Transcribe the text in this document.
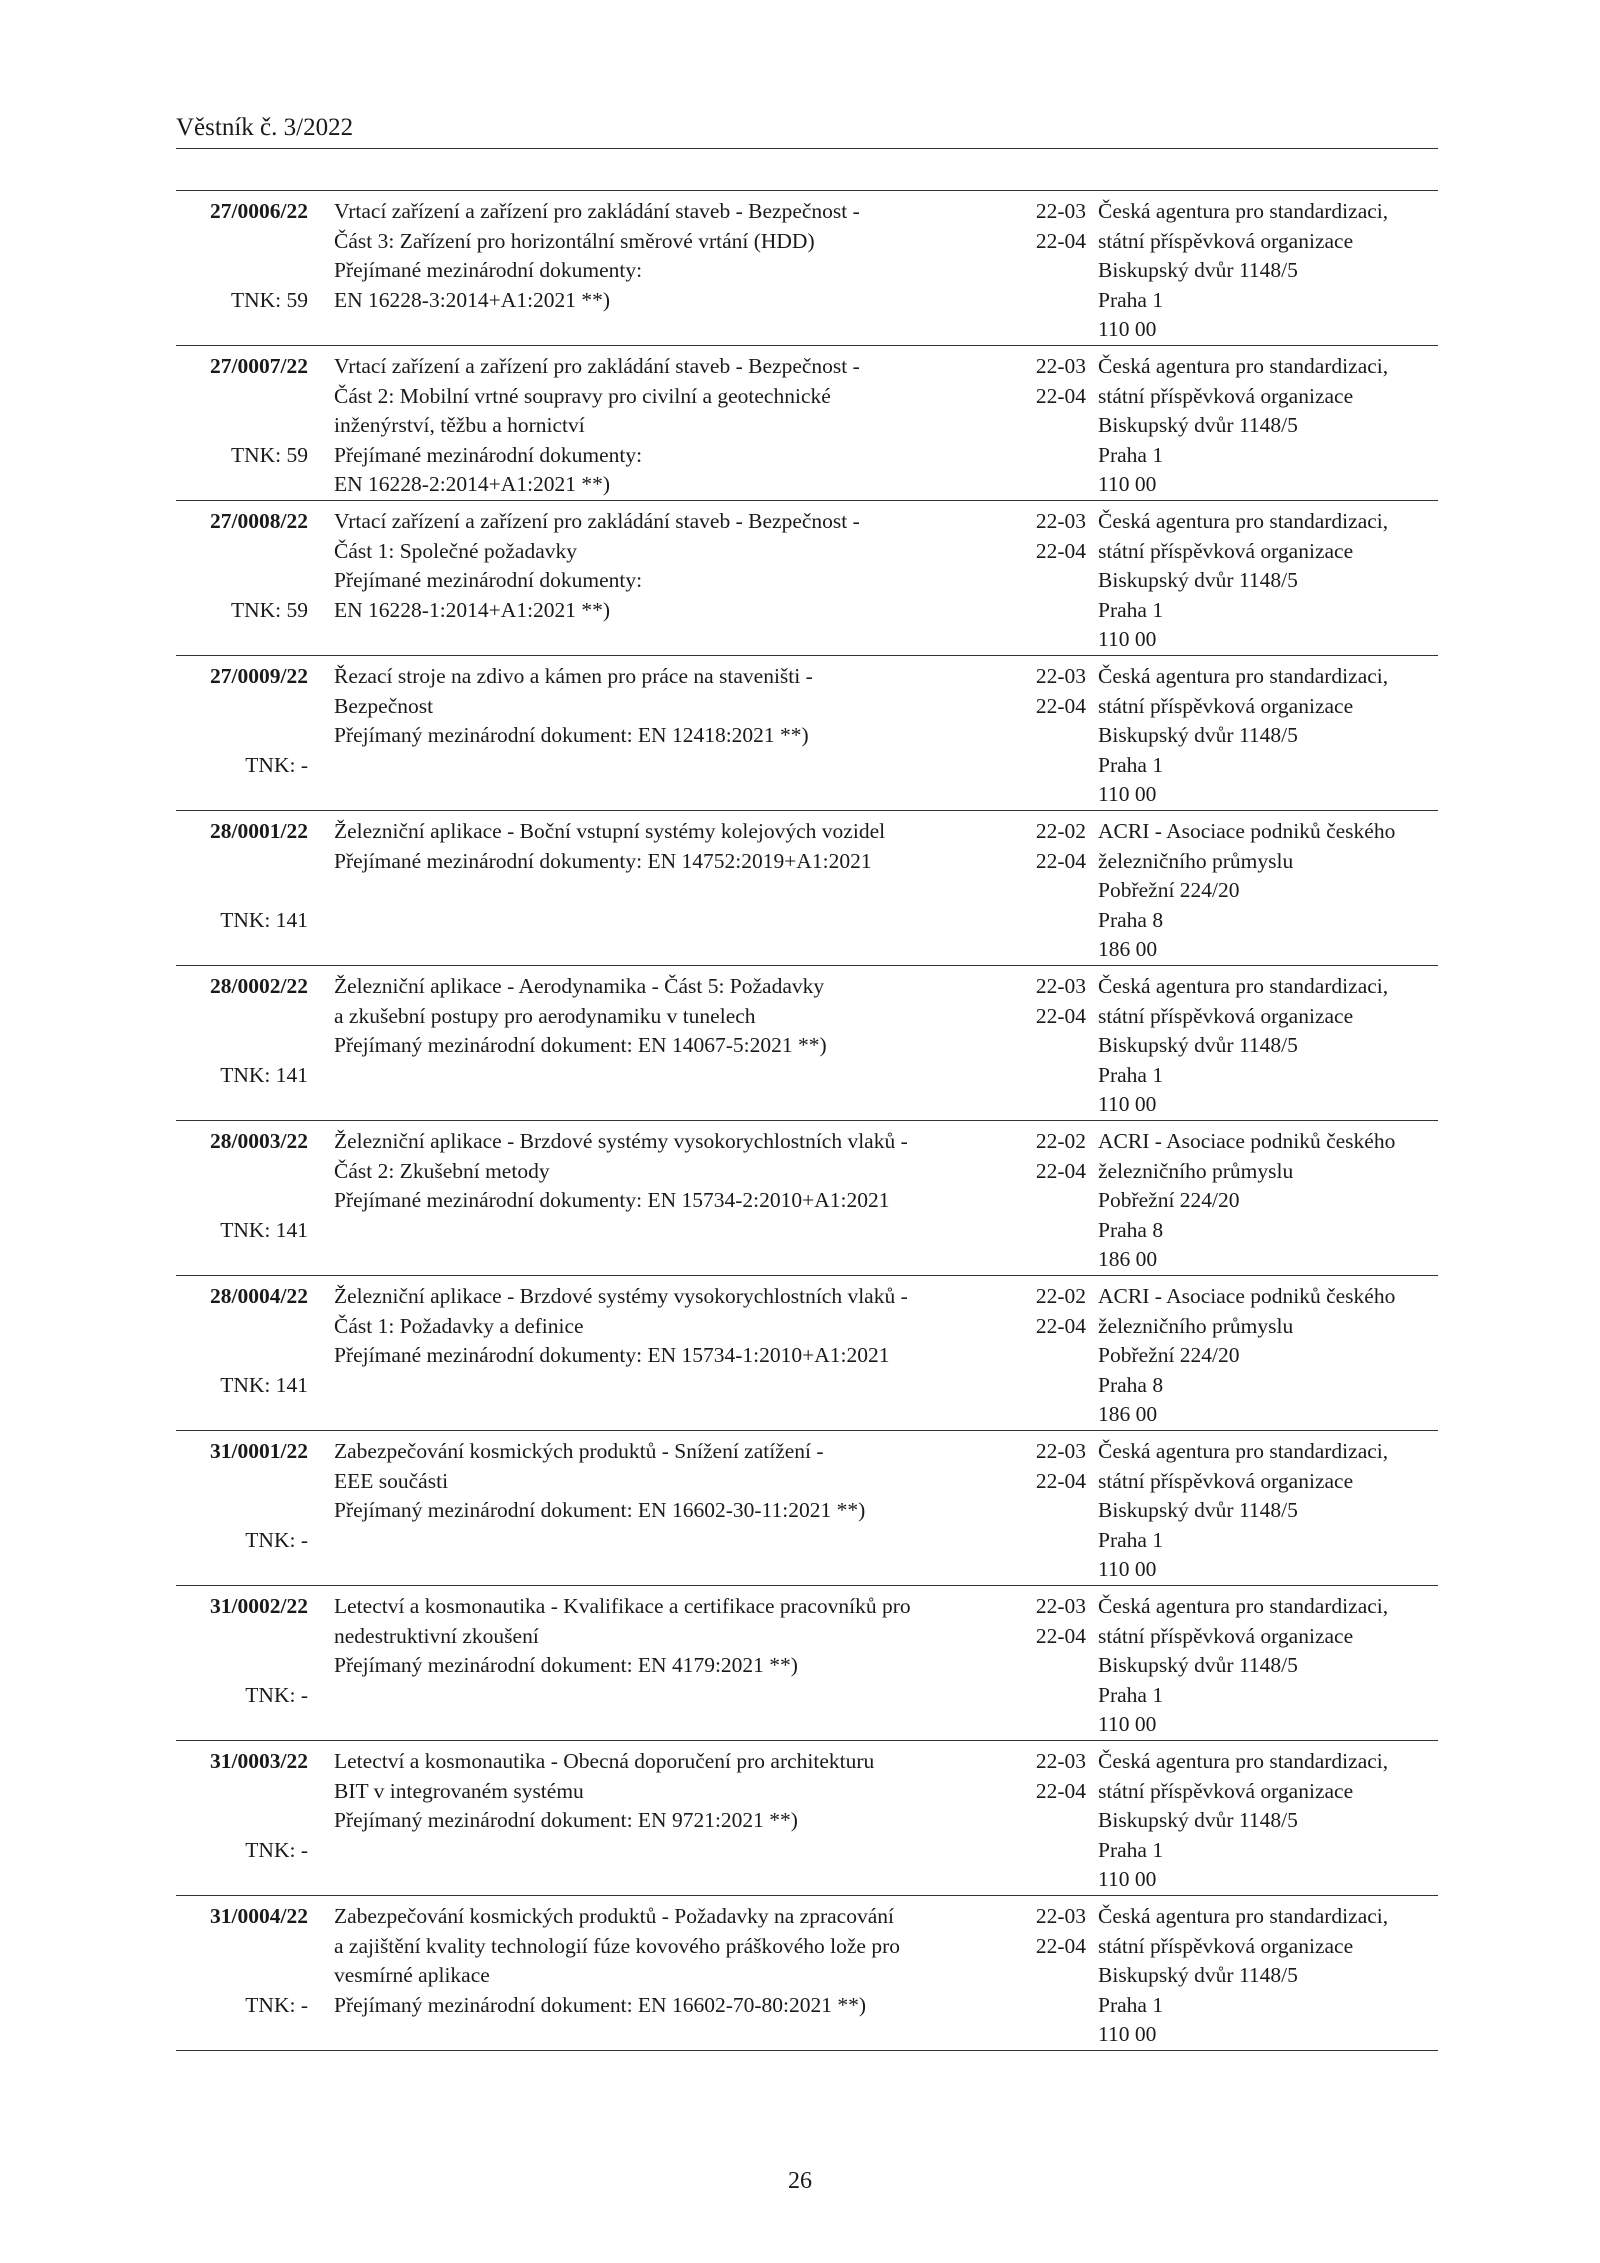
Věstník č. 3/2022
27/0006/22
TNK: 59
Vrtací zařízení a zařízení pro zakládání staveb - Bezpečnost -
Část 3: Zařízení pro horizontální směrové vrtání (HDD)
Přejímané mezinárodní dokumenty:
EN 16228-3:2014+A1:2021 **)
22-03
22-04
Česká agentura pro standardizaci,
státní příspěvková organizace
Biskupský dvůr 1148/5
Praha 1
110 00
27/0007/22
TNK: 59
Vrtací zařízení a zařízení pro zakládání staveb - Bezpečnost -
Část 2: Mobilní vrtné soupravy pro civilní a geotechnické
inženýrství, těžbu a hornictví
Přejímané mezinárodní dokumenty:
EN 16228-2:2014+A1:2021 **)
22-03
22-04
Česká agentura pro standardizaci,
státní příspěvková organizace
Biskupský dvůr 1148/5
Praha 1
110 00
27/0008/22
TNK: 59
Vrtací zařízení a zařízení pro zakládání staveb - Bezpečnost -
Část 1: Společné požadavky
Přejímané mezinárodní dokumenty:
EN 16228-1:2014+A1:2021 **)
22-03
22-04
Česká agentura pro standardizaci,
státní příspěvková organizace
Biskupský dvůr 1148/5
Praha 1
110 00
27/0009/22
TNK: -
Řezací stroje na zdivo a kámen pro práce na staveništi -
Bezpečnost
Přejímaný mezinárodní dokument: EN 12418:2021 **)
22-03
22-04
Česká agentura pro standardizaci,
státní příspěvková organizace
Biskupský dvůr 1148/5
Praha 1
110 00
28/0001/22
TNK: 141
Železniční aplikace - Boční vstupní systémy kolejových vozidel
Přejímané mezinárodní dokumenty: EN 14752:2019+A1:2021
22-02
22-04
ACRI - Asociace podniků českého
železničního průmyslu
Pobřežní 224/20
Praha 8
186 00
28/0002/22
TNK: 141
Železniční aplikace - Aerodynamika - Část 5: Požadavky
a zkušební postupy pro aerodynamiku v tunelech
Přejímaný mezinárodní dokument: EN 14067-5:2021 **)
22-03
22-04
Česká agentura pro standardizaci,
státní příspěvková organizace
Biskupský dvůr 1148/5
Praha 1
110 00
28/0003/22
TNK: 141
Železniční aplikace - Brzdové systémy vysokorychlostních vlaků -
Část 2: Zkušební metody
Přejímané mezinárodní dokumenty: EN 15734-2:2010+A1:2021
22-02
22-04
ACRI - Asociace podniků českého
železničního průmyslu
Pobřežní 224/20
Praha 8
186 00
28/0004/22
TNK: 141
Železniční aplikace - Brzdové systémy vysokorychlostních vlaků -
Část 1: Požadavky a definice
Přejímané mezinárodní dokumenty: EN 15734-1:2010+A1:2021
22-02
22-04
ACRI - Asociace podniků českého
železničního průmyslu
Pobřežní 224/20
Praha 8
186 00
31/0001/22
TNK: -
Zabezpečování kosmických produktů - Snížení zatížení -
EEE součásti
Přejímaný mezinárodní dokument: EN 16602-30-11:2021 **)
22-03
22-04
Česká agentura pro standardizaci,
státní příspěvková organizace
Biskupský dvůr 1148/5
Praha 1
110 00
31/0002/22
TNK: -
Letectví a kosmonautika - Kvalifikace a certifikace pracovníků pro
nedestruktivní zkoušení
Přejímaný mezinárodní dokument: EN 4179:2021 **)
22-03
22-04
Česká agentura pro standardizaci,
státní příspěvková organizace
Biskupský dvůr 1148/5
Praha 1
110 00
31/0003/22
TNK: -
Letectví a kosmonautika - Obecná doporučení pro architekturu
BIT v integrovaném systému
Přejímaný mezinárodní dokument: EN 9721:2021 **)
22-03
22-04
Česká agentura pro standardizaci,
státní příspěvková organizace
Biskupský dvůr 1148/5
Praha 1
110 00
31/0004/22
TNK: -
Zabezpečování kosmických produktů - Požadavky na zpracování
a zajištění kvality technologií fúze kovového práškového lože pro
vesmírné aplikace
Přejímaný mezinárodní dokument: EN 16602-70-80:2021 **)
22-03
22-04
Česká agentura pro standardizaci,
státní příspěvková organizace
Biskupský dvůr 1148/5
Praha 1
110 00
26
